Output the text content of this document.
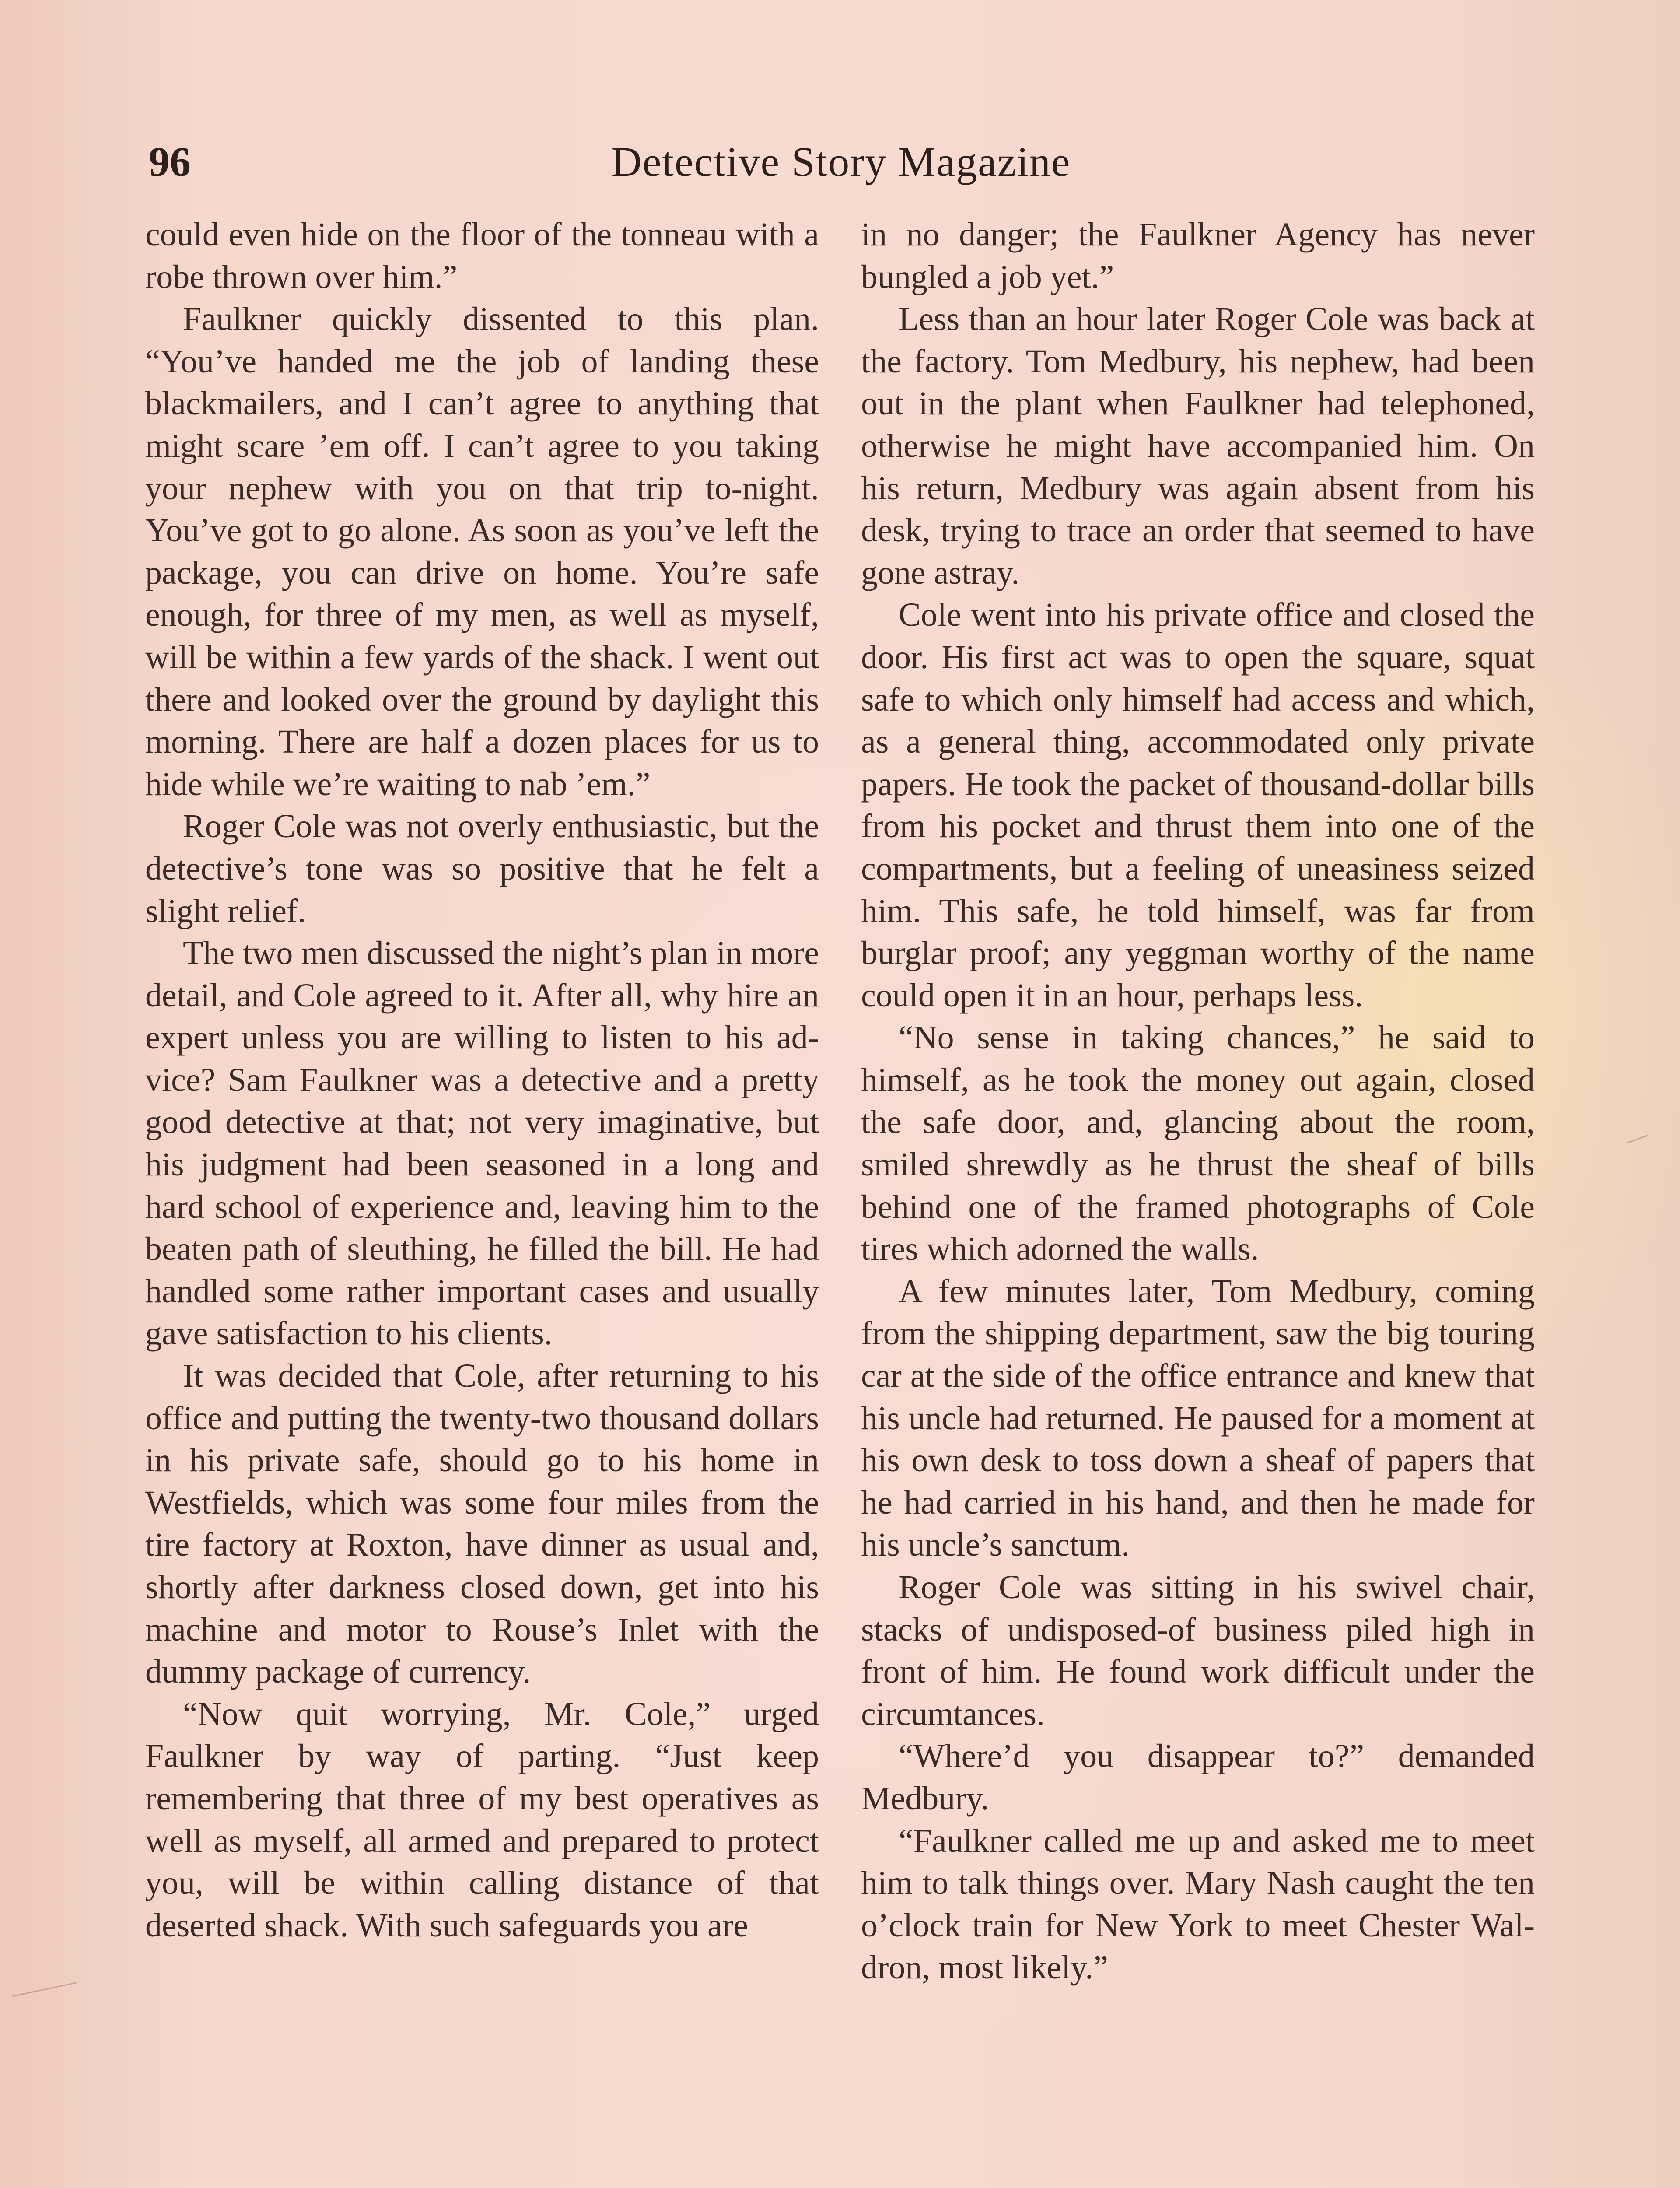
96	Detective Story Magazine

could even hide on the floor of the tonneau with a robe thrown over him.”

Faulkner quickly dissented to this plan. “You’ve handed me the job of landing these blackmailers, and I can’t agree to anything that might scare ’em off. I can’t agree to you taking your nephew with you on that trip to-night. You’ve got to go alone. As soon as you’ve left the package, you can drive on home. You’re safe enough, for three of my men, as well as myself, will be within a few yards of the shack. I went out there and looked over the ground by daylight this morning. There are half a dozen places for us to hide while we’re waiting to nab ’em.”

Roger Cole was not overly enthusiastic, but the detective’s tone was so positive that he felt a slight relief.

The two men discussed the night’s plan in more detail, and Cole agreed to it. After all, why hire an expert unless you are willing to listen to his advice? Sam Faulkner was a detective and a pretty good detective at that; not very imaginative, but his judgment had been seasoned in a long and hard school of experience and, leaving him to the beaten path of sleuthing, he filled the bill. He had handled some rather important cases and usually gave satisfaction to his clients.

It was decided that Cole, after returning to his office and putting the twenty-two thousand dollars in his private safe, should go to his home in Westfields, which was some four miles from the tire factory at Roxton, have dinner as usual and, shortly after darkness closed down, get into his machine and motor to Rouse’s Inlet with the dummy package of currency.

“Now quit worrying, Mr. Cole,” urged Faulkner by way of parting. “Just keep remembering that three of my best operatives as well as myself, all armed and prepared to protect you, will be within calling distance of that deserted shack. With such safeguards you are

in no danger; the Faulkner Agency has never bungled a job yet.”

Less than an hour later Roger Cole was back at the factory. Tom Medbury, his nephew, had been out in the plant when Faulkner had telephoned, otherwise he might have accompanied him. On his return, Medbury was again absent from his desk, trying to trace an order that seemed to have gone astray.

Cole went into his private office and closed the door. His first act was to open the square, squat safe to which only himself had access and which, as a general thing, accommodated only private papers. He took the packet of thousand-dollar bills from his pocket and thrust them into one of the compartments, but a feeling of uneasiness seized him. This safe, he told himself, was far from burglar proof; any yeggman worthy of the name could open it in an hour, perhaps less.

“No sense in taking chances,” he said to himself, as he took the money out again, closed the safe door, and, glancing about the room, smiled shrewdly as he thrust the sheaf of bills behind one of the framed photographs of Cole tires which adorned the walls.

A few minutes later, Tom Medbury, coming from the shipping department, saw the big touring car at the side of the office entrance and knew that his uncle had returned. He paused for a moment at his own desk to toss down a sheaf of papers that he had carried in his hand, and then he made for his uncle’s sanctum.

Roger Cole was sitting in his swivel chair, stacks of undisposed-of business piled high in front of him. He found work difficult under the circumtances.

“Where’d you disappear to?” demanded Medbury.

“Faulkner called me up and asked me to meet him to talk things over. Mary Nash caught the ten o’clock train for New York to meet Chester Waldron, most likely.”
